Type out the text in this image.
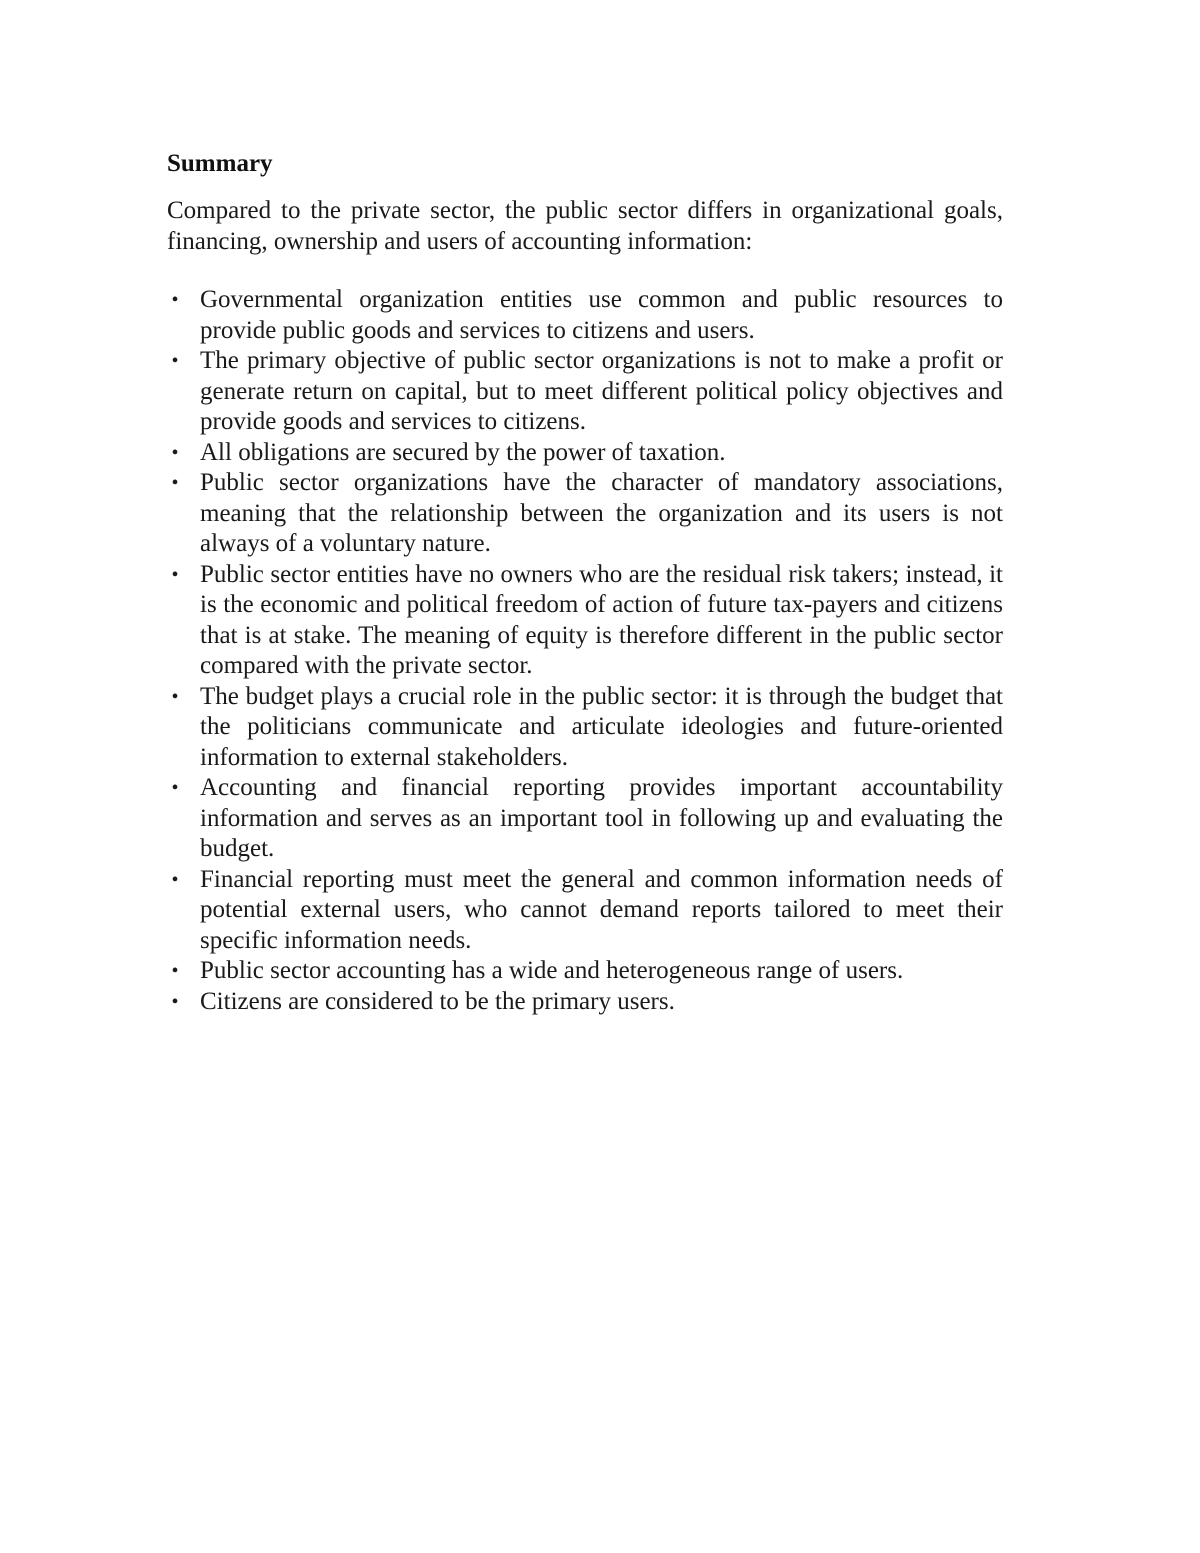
Summary

Compared to the private sector, the public sector differs in organizational goals, financing, ownership and users of accounting information:

• Governmental organization entities use common and public resources to provide public goods and services to citizens and users.
• The primary objective of public sector organizations is not to make a profit or generate return on capital, but to meet different political policy objectives and provide goods and services to citizens.
• All obligations are secured by the power of taxation.
• Public sector organizations have the character of mandatory associations, meaning that the relationship between the organization and its users is not always of a voluntary nature.
• Public sector entities have no owners who are the residual risk takers; instead, it is the economic and political freedom of action of future tax-payers and citizens that is at stake. The meaning of equity is therefore different in the public sector compared with the private sector.
• The budget plays a crucial role in the public sector: it is through the budget that the politicians communicate and articulate ideologies and future-oriented information to external stakeholders.
• Accounting and financial reporting provides important accountability information and serves as an important tool in following up and evaluating the budget.
• Financial reporting must meet the general and common information needs of potential external users, who cannot demand reports tailored to meet their specific information needs.
• Public sector accounting has a wide and heterogeneous range of users.
• Citizens are considered to be the primary users.
